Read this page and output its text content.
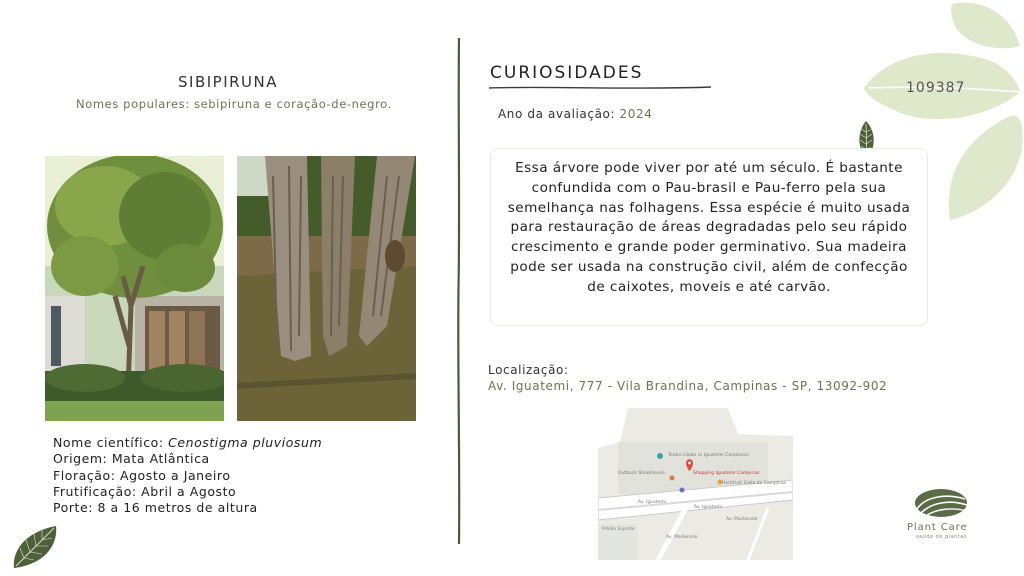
109387
SIBIPIRUNA
Nomes populares: sebipiruna e coração-de-negro.
Nome científico: Cenostigma pluviosum
Origem: Mata Atlântica
Floração: Agosto a Janeiro
Frutificação: Abril a Agosto
Porte: 8 a 16 metros de altura
CURIOSIDADES
Ano da avaliação: 2024

Essa árvore pode viver por até um século. É bastante confundida com o Pau-brasil e Pau-ferro pela sua semelhança nas folhagens. Essa espécie é muito usada para restauração de áreas degradadas pelo seu rápido crescimento e grande poder germinativo. Sua madeira pode ser usada na construção civil, além de confecção de caixotes, moveis e até carvão.

Localização:
Av. Iguatemi, 777 - Vila Brandina, Campinas - SP, 13092-902
Teatro Globo (o Iguatemi Campinas)
Shopping Iguatemi Campinas
Outback Steakhouse
Hortifruti Gallo de Campinas
Av. Iguatemi
Av. Iguatemi
Av. Mackenzie
Av. Mackenzie
Prédio Espírito	Plant Care
saúde de plantas
